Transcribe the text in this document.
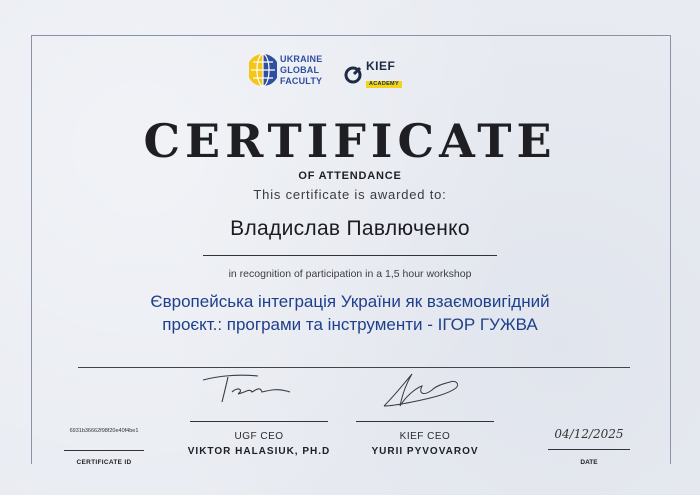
UKRAINE
GLOBAL
FACULTY
KIEF
ACADEMY
CERTIFICATE
OF ATTENDANCE
This certificate is awarded to:
Владислав Павлюченко
in recognition of participation in a 1,5 hour workshop
Європейська інтеграція України як взаємовигідний
проєкт.: програми та інструменти - ІГОР ГУЖВА
UGF CEO
VIKTOR HALASIUK, PH.D
KIEF CEO
YURII PYVOVAROV
6931b36662f98f20e40f4be1
CERTIFICATE ID
04/12/2025
DATE
